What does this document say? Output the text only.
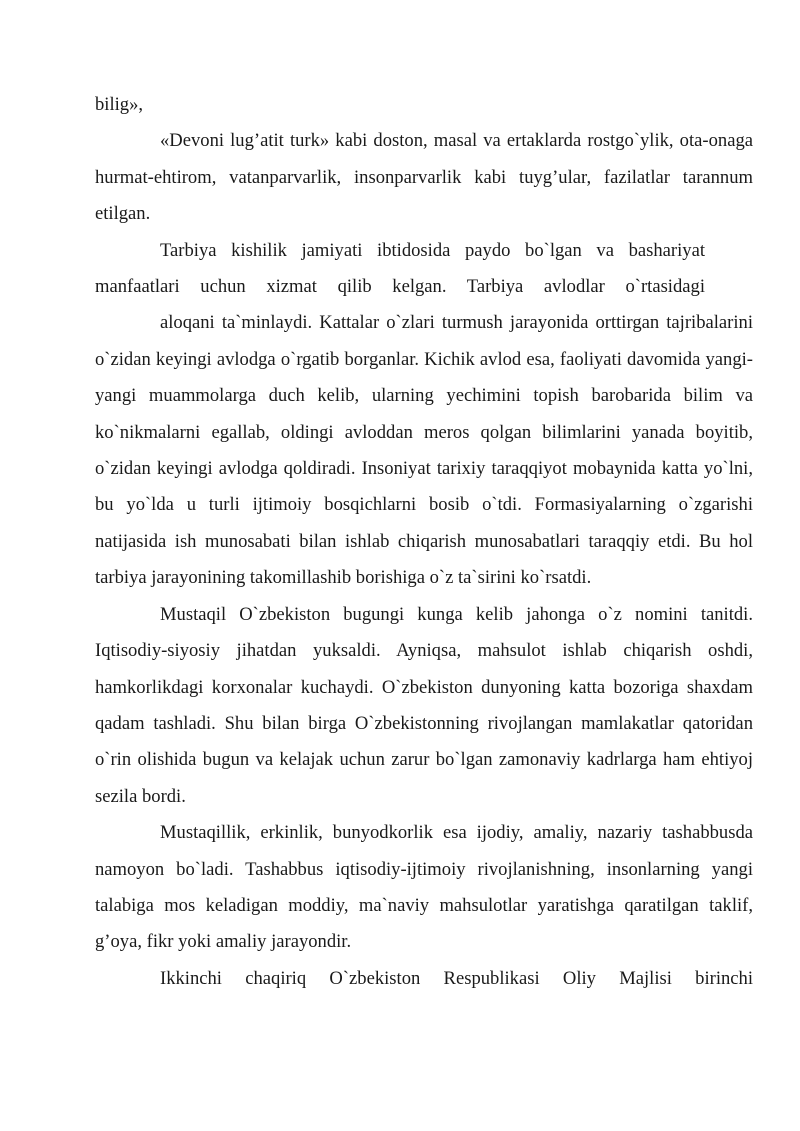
bilig»,

«Devoni lug’atit turk» kabi doston, masal va ertaklarda rostgo`ylik, ota-onaga hurmat-ehtirom, vatanparvarlik, insonparvarlik kabi tuyg’ular, fazilatlar tarannum etilgan.

Tarbiya kishilik jamiyati ibtidosida paydo bo`lgan va bashariyat manfaatlari uchun xizmat qilib kelgan. Tarbiya avlodlar o`rtasidagi

aloqani ta`minlaydi. Kattalar o`zlari turmush jarayonida orttirgan tajribalarini o`zidan keyingi avlodga o`rgatib borganlar. Kichik avlod esa, faoliyati davomida yangi-yangi muammolarga duch kelib, ularning yechimini topish barobarida bilim va ko`nikmalarni egallab, oldingi avloddan meros qolgan bilimlarini yanada boyitib, o`zidan keyingi avlodga qoldiradi. Insoniyat tarixiy taraqqiyot mobaynida katta yo`lni, bu yo`lda u turli ijtimoiy bosqichlarni bosib o`tdi. Formasiyalarning o`zgarishi natijasida ish munosabati bilan ishlab chiqarish munosabatlari taraqqiy etdi. Bu hol tarbiya jarayonining takomillashib borishiga o`z ta`sirini ko`rsatdi.

Mustaqil O`zbekiston bugungi kunga kelib jahonga o`z nomini tanitdi. Iqtisodiy-siyosiy jihatdan yuksaldi. Ayniqsa, mahsulot ishlab chiqarish oshdi, hamkorlikdagi korxonalar kuchaydi. O`zbekiston dunyoning katta bozoriga shaxdam qadam tashladi. Shu bilan birga O`zbekistonning rivojlangan mamlakatlar qatoridan o`rin olishida bugun va kelajak uchun zarur bo`lgan zamonaviy kadrlarga ham ehtiyoj sezila bordi.

Mustaqillik, erkinlik, bunyodkorlik esa ijodiy, amaliy, nazariy tashabbusda namoyon bo`ladi. Tashabbus iqtisodiy-ijtimoiy rivojlanishning, insonlarning yangi talabiga mos keladigan moddiy, ma`naviy mahsulotlar yaratishga qaratilgan taklif, g’oya, fikr yoki amaliy jarayondir.

Ikkinchi chaqiriq O`zbekiston Respublikasi Oliy Majlisi birinchi
